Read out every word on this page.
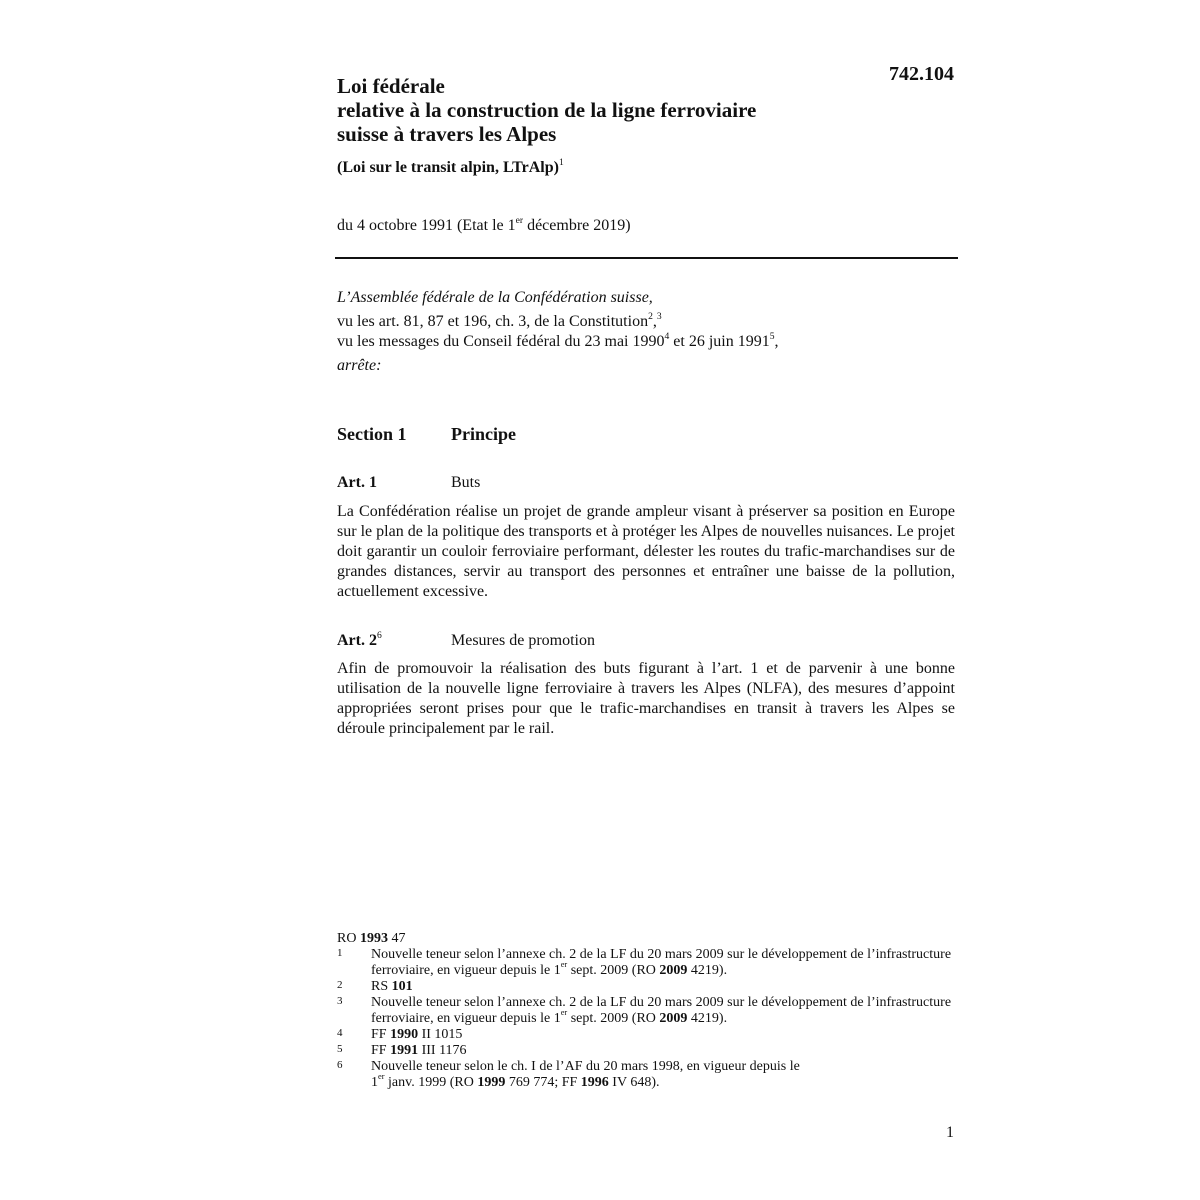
742.104
Loi fédérale
relative à la construction de la ligne ferroviaire
suisse à travers les Alpes
(Loi sur le transit alpin, LTrAlp)$^1$
du 4 octobre 1991 (Etat le 1er décembre 2019)
L’Assemblée fédérale de la Confédération suisse,
vu les art. 81, 87 et 196, ch. 3, de la Constitution$^2$,$^3$
vu les messages du Conseil fédéral du 23 mai 1990$^4$ et 26 juin 1991$^5$,
arrête:
Section 1 Principe
Art. 1	Buts
La Confédération réalise un projet de grande ampleur visant à préserver sa position en Europe sur le plan de la politique des transports et à protéger les Alpes de nouvelles nuisances. Le projet doit garantir un couloir ferroviaire performant, délester les routes du trafic-marchandises sur de grandes distances, servir au transport des personnes et entraîner une baisse de la pollution, actuellement excessive.
Art. $2^6$	Mesures de promotion
Afin de promouvoir la réalisation des buts figurant à l’art. 1 et de parvenir à une bonne utilisation de la nouvelle ligne ferroviaire à travers les Alpes (NLFA), des mesures d’appoint appropriées seront prises pour que le trafic-marchandises en transit à travers les Alpes se déroule principalement par le rail.
RO 1993 47
1 Nouvelle teneur selon l’annexe ch. 2 de la LF du 20 mars 2009 sur le développement de l’infrastructure ferroviaire, en vigueur depuis le 1er sept. 2009 (RO 2009 4219).
2 RS 101
3 Nouvelle teneur selon l’annexe ch. 2 de la LF du 20 mars 2009 sur le développement de l’infrastructure ferroviaire, en vigueur depuis le 1er sept. 2009 (RO 2009 4219).
4 FF 1990 II 1015
5 FF 1991 III 1176
6 Nouvelle teneur selon le ch. I de l’AF du 20 mars 1998, en vigueur depuis le
1er janv. 1999 (RO 1999 769 774; FF 1996 IV 648).
1
